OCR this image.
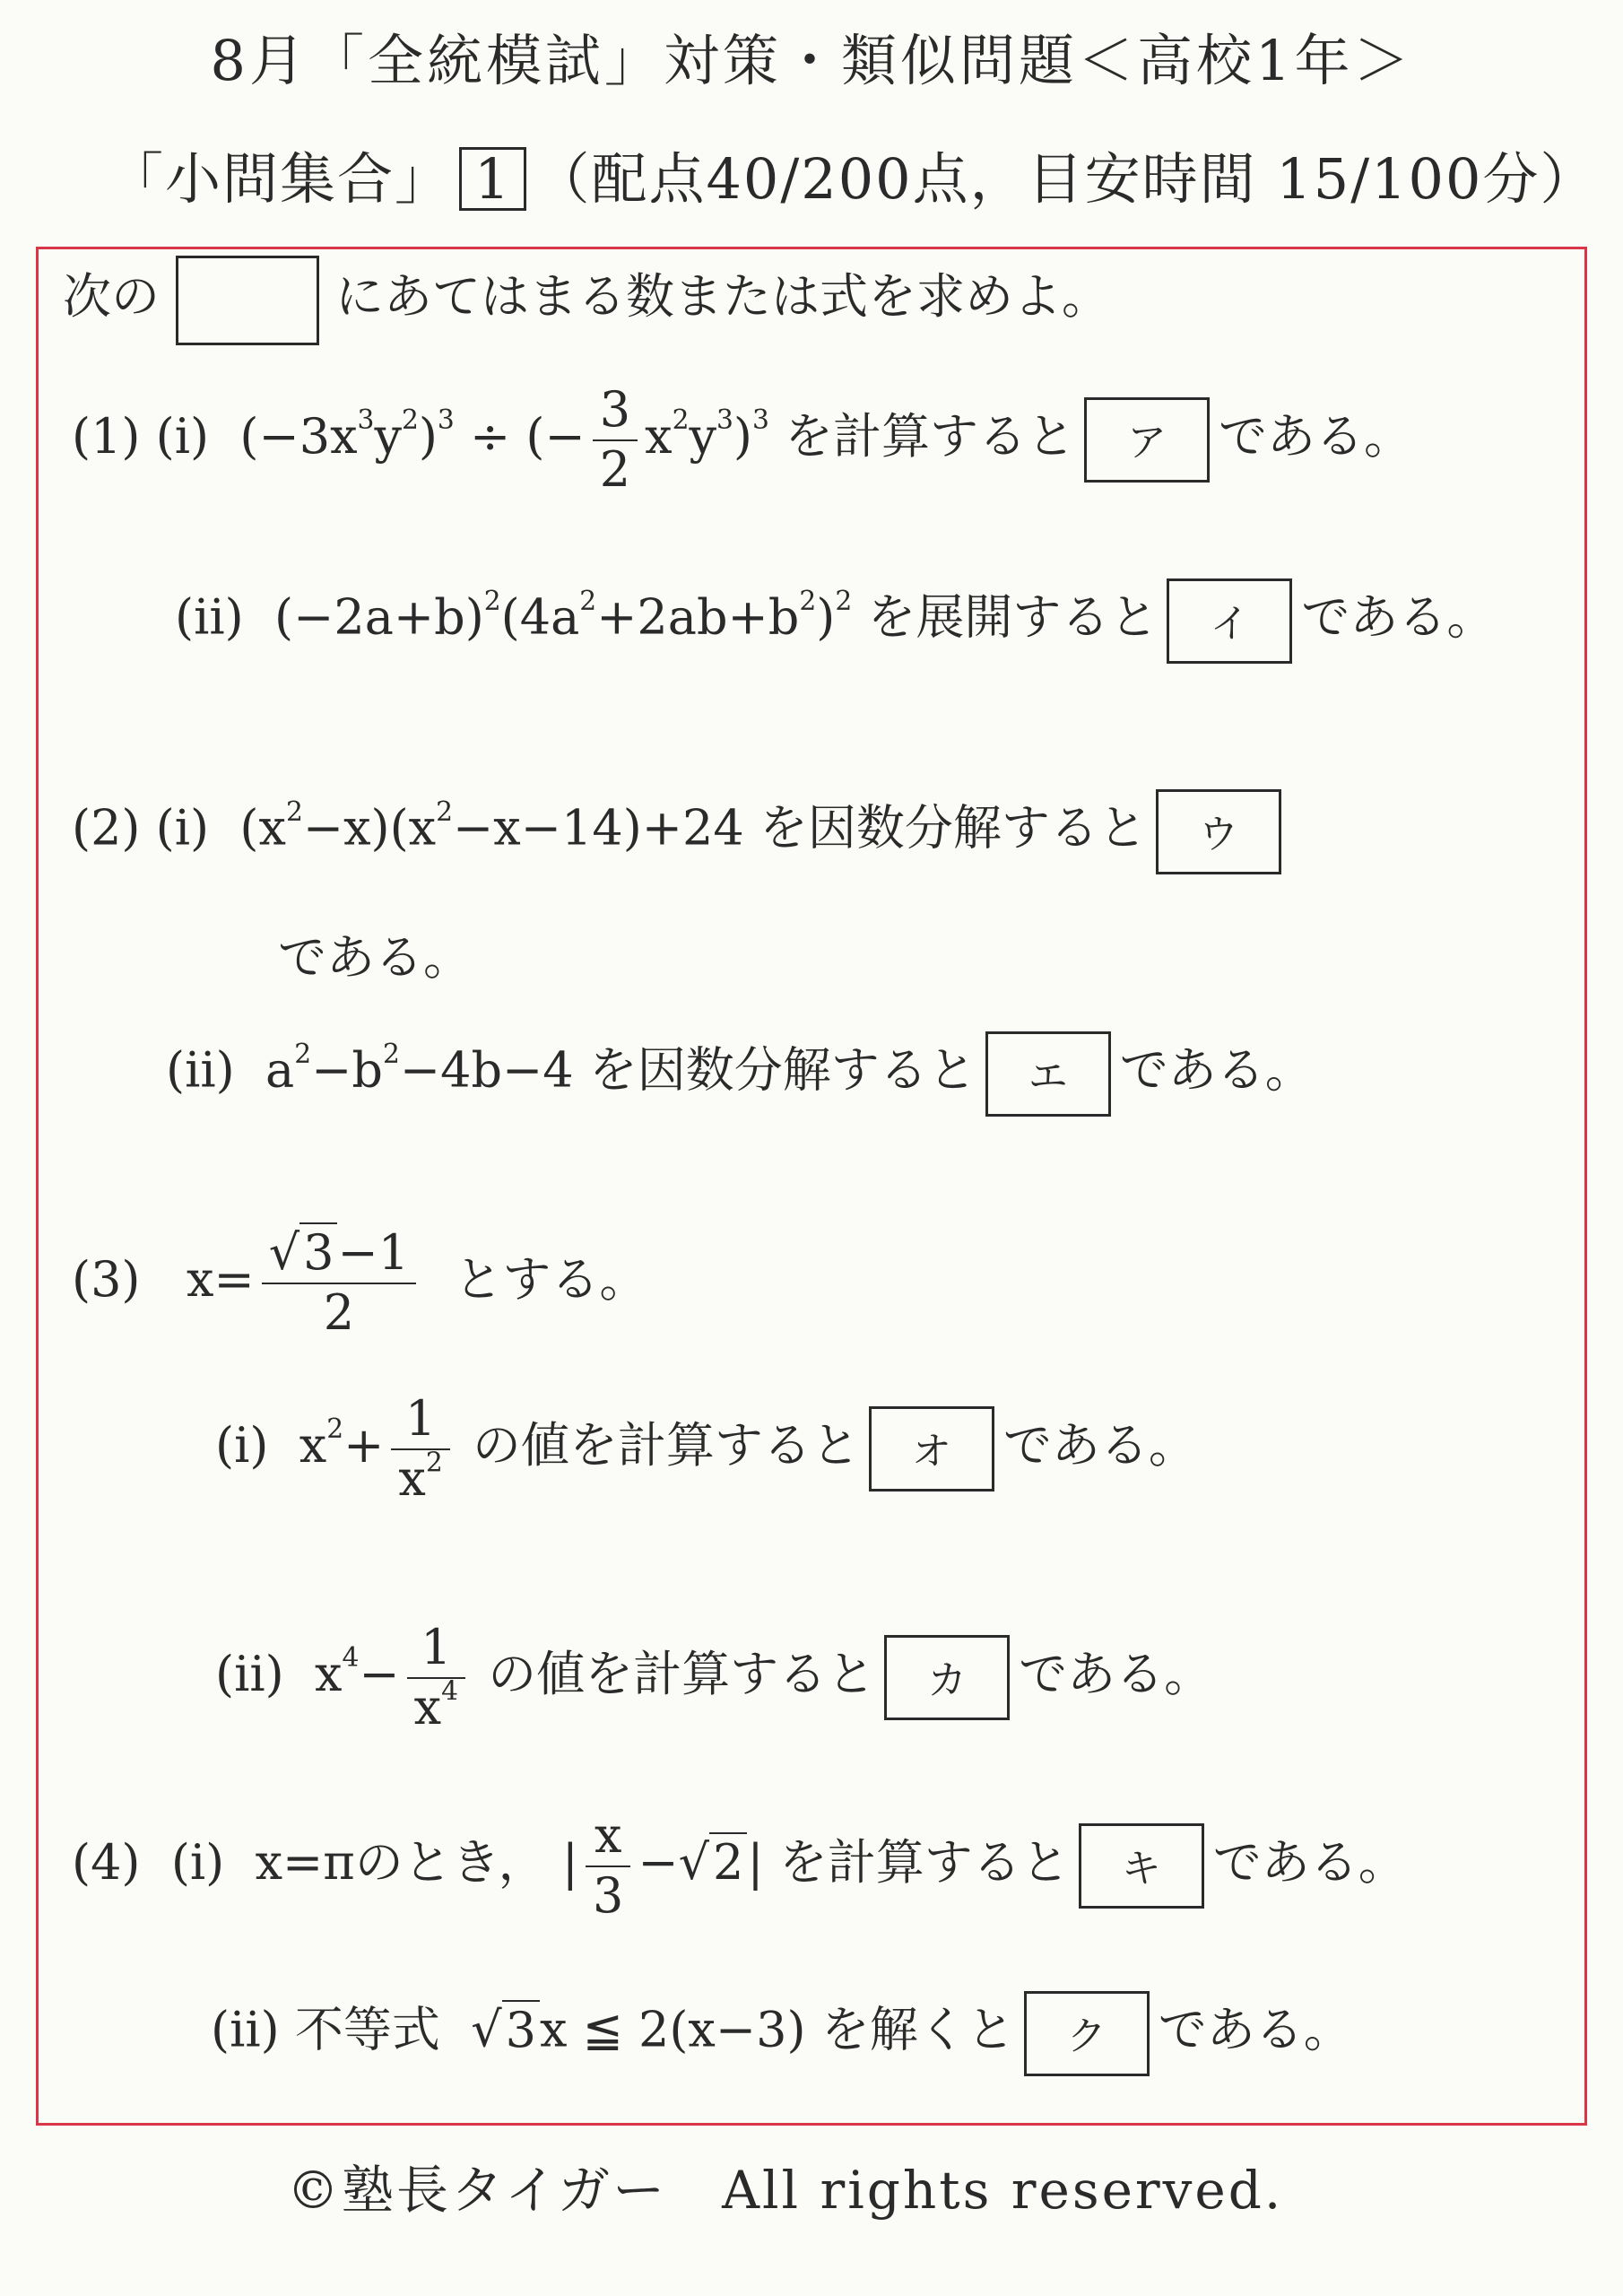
8月「全統模試」対策・類似問題＜高校1年＞
「小問集合」 1 （配点40/200点，目安時間 15/100分）
次の	にあてはまる数または式を求めよ。
(1) (i) $(-3x^3y^2)^3$ ÷ (− $\frac{3}{2} x^2y^3)^3$ を計算すると ア である。
(ii) $(-2a+b)^2(4a^2+2ab+b^2)^2$ を展開すると イ である。
(2) (i) $(x^2-x)(x^2-x-14)+24$ を因数分解すると ウ
である。
(ii) $a^2-b^2-4b-4$ を因数分解すると エ である。
(3) $x= \frac{√3-1}{2}$ とする。
(i) $x^2+ \frac{1}{x^2}$ の値を計算すると オ である。
(ii) $x^4- \frac{1}{x^4}$ の値を計算すると カ である。
(4) (i) x=πのとき， | $\frac{x}{3} -√2|$ を計算すると キ である。
(ii) 不等式  √3x ≦ 2(x−3) を解くと ク である。
©塾長タイガー　All rights reserved.
